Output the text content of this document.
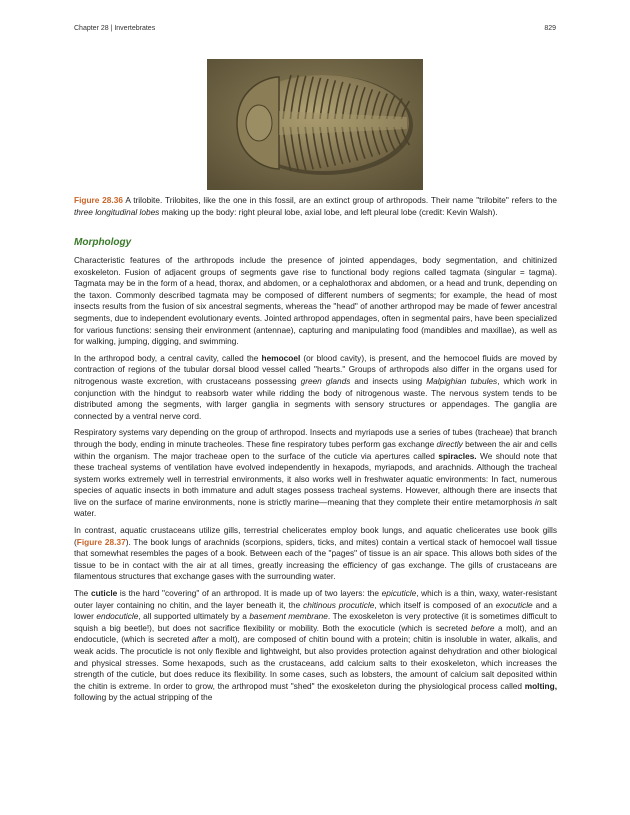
Chapter 28 | Invertebrates	829
Figure 28.36 A trilobite. Trilobites, like the one in this fossil, are an extinct group of arthropods. Their name "trilobite" refers to the three longitudinal lobes making up the body: right pleural lobe, axial lobe, and left pleural lobe (credit: Kevin Walsh).
Morphology

Characteristic features of the arthropods include the presence of jointed appendages, body segmentation, and chitinized exoskeleton. Fusion of adjacent groups of segments gave rise to functional body regions called tagmata (singular = tagma). Tagmata may be in the form of a head, thorax, and abdomen, or a cephalothorax and abdomen, or a head and trunk, depending on the taxon. Commonly described tagmata may be composed of different numbers of segments; for example, the head of most insects results from the fusion of six ancestral segments, whereas the "head" of another arthropod may be made of fewer ancestral segments, due to independent evolutionary events. Jointed arthropod appendages, often in segmental pairs, have been specialized for various functions: sensing their environment (antennae), capturing and manipulating food (mandibles and maxillae), as well as for walking, jumping, digging, and swimming.

In the arthropod body, a central cavity, called the hemocoel (or blood cavity), is present, and the hemocoel fluids are moved by contraction of regions of the tubular dorsal blood vessel called "hearts." Groups of arthropods also differ in the organs used for nitrogenous waste excretion, with crustaceans possessing green glands and insects using Malpighian tubules, which work in conjunction with the hindgut to reabsorb water while ridding the body of nitrogenous waste. The nervous system tends to be distributed among the segments, with larger ganglia in segments with sensory structures or appendages. The ganglia are connected by a ventral nerve cord.

Respiratory systems vary depending on the group of arthropod. Insects and myriapods use a series of tubes (tracheae) that branch through the body, ending in minute tracheoles. These fine respiratory tubes perform gas exchange directly between the air and cells within the organism. The major tracheae open to the surface of the cuticle via apertures called spiracles. We should note that these tracheal systems of ventilation have evolved independently in hexapods, myriapods, and arachnids. Although the tracheal system works extremely well in terrestrial environments, it also works well in freshwater aquatic environments: In fact, numerous species of aquatic insects in both immature and adult stages possess tracheal systems. However, although there are insects that live on the surface of marine environments, none is strictly marine—meaning that they complete their entire metamorphosis in salt water.

In contrast, aquatic crustaceans utilize gills, terrestrial chelicerates employ book lungs, and aquatic chelicerates use book gills (Figure 28.37). The book lungs of arachnids (scorpions, spiders, ticks, and mites) contain a vertical stack of hemocoel wall tissue that somewhat resembles the pages of a book. Between each of the "pages" of tissue is an air space. This allows both sides of the tissue to be in contact with the air at all times, greatly increasing the efficiency of gas exchange. The gills of crustaceans are filamentous structures that exchange gases with the surrounding water.

The cuticle is the hard "covering" of an arthropod. It is made up of two layers: the epicuticle, which is a thin, waxy, water-resistant outer layer containing no chitin, and the layer beneath it, the chitinous procuticle, which itself is composed of an exocuticle and a lower endocuticle, all supported ultimately by a basement membrane. The exoskeleton is very protective (it is sometimes difficult to squish a big beetle!), but does not sacrifice flexibility or mobility. Both the exocuticle (which is secreted before a molt), and an endocuticle, (which is secreted after a molt), are composed of chitin bound with a protein; chitin is insoluble in water, alkalis, and weak acids. The procuticle is not only flexible and lightweight, but also provides protection against dehydration and other biological and physical stresses. Some hexapods, such as the crustaceans, add calcium salts to their exoskeleton, which increases the strength of the cuticle, but does reduce its flexibility. In some cases, such as lobsters, the amount of calcium salt deposited within the chitin is extreme. In order to grow, the arthropod must "shed" the exoskeleton during the physiological process called molting, following by the actual stripping of the
